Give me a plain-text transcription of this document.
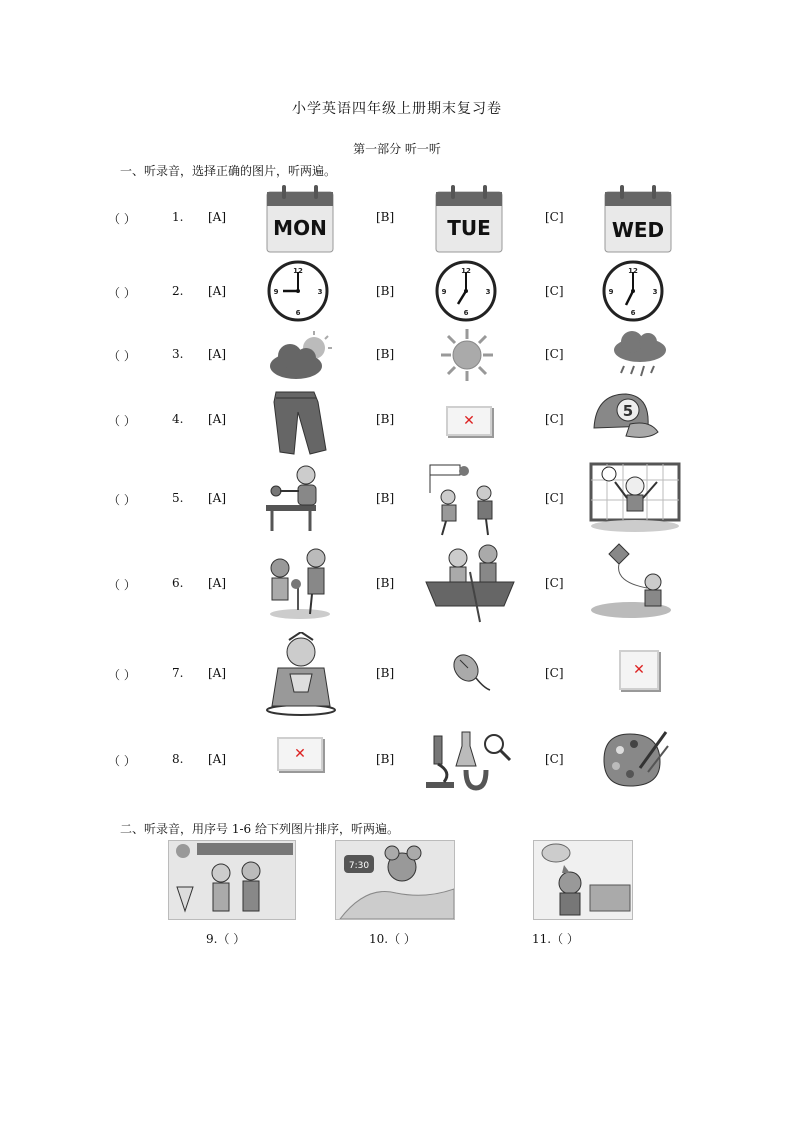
小学英语四年级上册期末复习卷
第一部分 听一听
一、听录音，选择正确的图片，听两遍。
（ ）	1. [A]	[B]	[C]
MON	TUE	WED
（ ）	2. [A]	[B]	[C]
12
3
6
9
12
3
6
9
12
3
6
9
（ ）	3. [A]	[B]	[C]
（ ）	4. [A]	[B]	[C]
✕
5
（ ）	5. [A]	[B]	[C]
（ ）	6. [A]	[B]	[C]
（ ）	7. [A]	[B]	[C]	✕
（ ）	8. [A]	[B]	[C]
✕
二、听录音，用序号 1-6 给下列图片排序，听两遍。
7:30
9.（ ）	10.（ ）	11.（ ）
